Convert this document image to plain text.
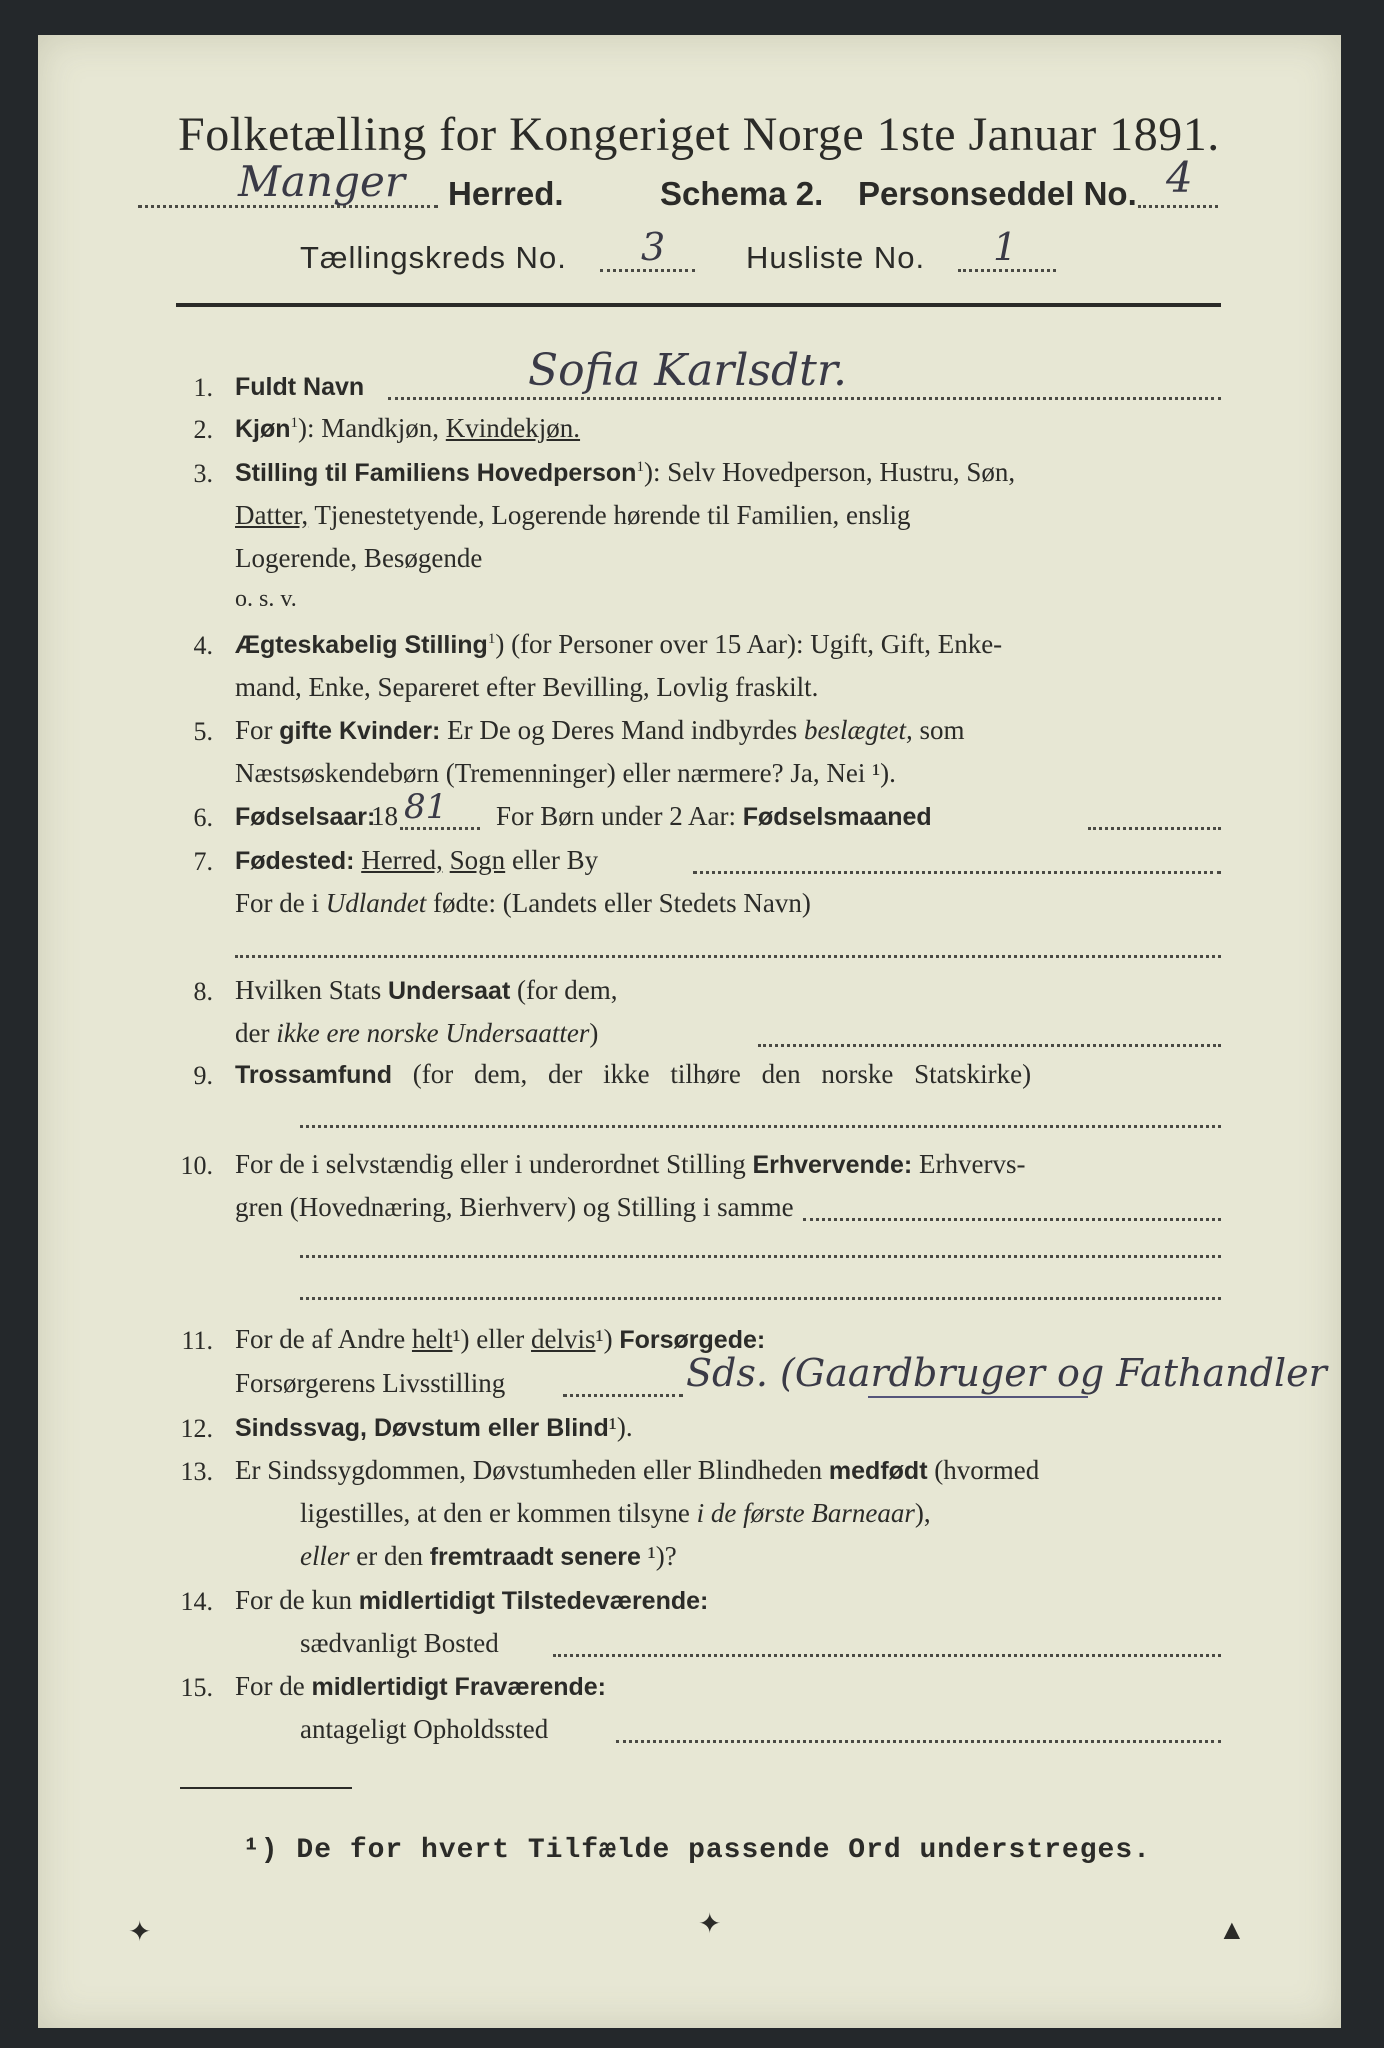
Folketælling for Kongeriget Norge 1ste Januar 1891.
Manger Herred.	Schema 2. Personseddel No. 4
Tællingskreds No. 3	Husliste No. 1
1. Fuldt Navn	Sofia Karlsdtr.
2. Kjøn$^1$): Mandkjøn, Kvindekjøn.
3. Stilling til Familiens Hovedperson$^1$): Selv Hovedperson, Hustru, Søn,
Datter, Tjenestetyende, Logerende hørende til Familien, enslig
Logerende, Besøgende
o. s. v.
4. Ægteskabelig Stilling$^1$) (for Personer over 15 Aar): Ugift, Gift, Enke-
mand, Enke, Separeret efter Bevilling, Lovlig fraskilt.
5. For gifte Kvinder: Er De og Deres Mand indbyrdes beslægtet, som
Næstsøskendebørn (Tremenninger) eller nærmere? Ja, Nei ¹).
6. Fødselsaar:
18 81 For Børn under 2 Aar: Fødselsmaaned
7. Fødested: Herred, Sogn eller By
For de i Udlandet fødte: (Landets eller Stedets Navn)
8. Hvilken Stats Undersaat (for dem,
der ikke ere norske Undersaatter)
9. Trossamfund (for dem, der ikke tilhøre den norske Statskirke)
10. For de i selvstændig eller i underordnet Stilling Erhvervende: Erhvervs-
gren (Hovednæring, Bierhverv) og Stilling i samme
11. For de af Andre helt¹) eller delvis¹) Forsørgede:
Forsørgerens Livsstilling	Sds. (Gaardbruger og Fathandler
12. Sindssvag, Døvstum eller Blind¹).
13. Er Sindssygdommen, Døvstumheden eller Blindheden medfødt (hvormed
ligestilles, at den er kommen tilsyne i de første Barneaar),
eller er den fremtraadt senere ¹)?
14. For de kun midlertidigt Tilstedeværende:
sædvanligt Bosted
15. For de midlertidigt Fraværende:
antageligt Opholdssted
¹) De for hvert Tilfælde passende Ord understreges.
✦	✦	▲
